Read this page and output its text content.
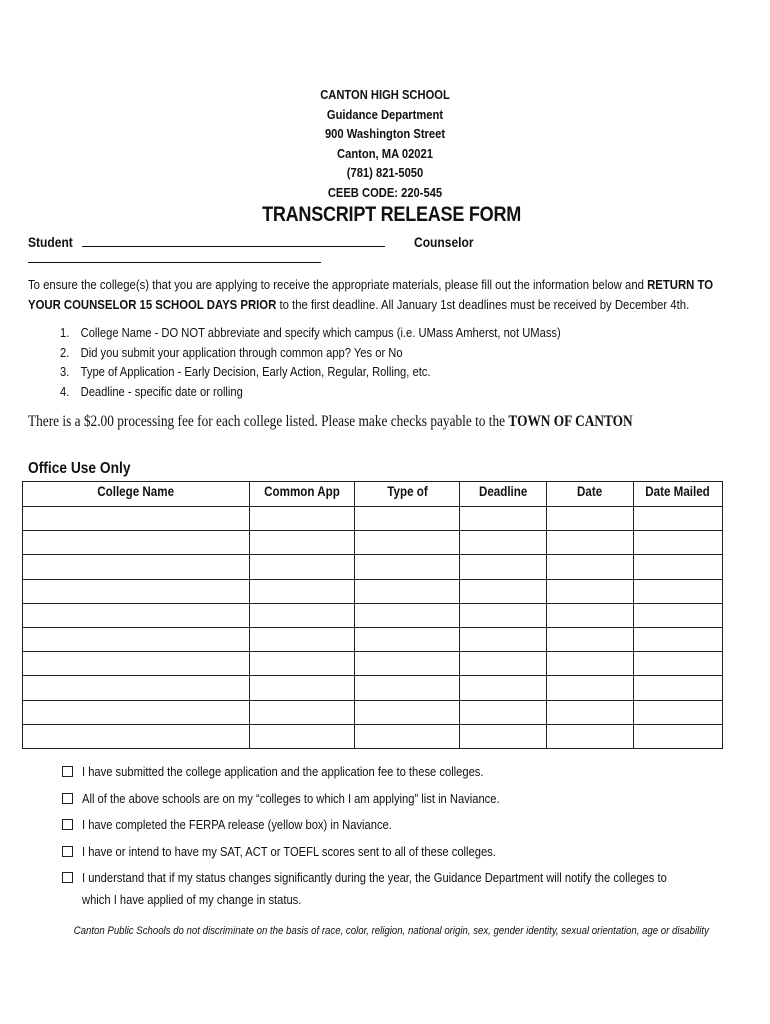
CANTON HIGH SCHOOL
Guidance Department
900 Washington Street
Canton, MA 02021
(781) 821-5050
CEEB CODE: 220-545
TRANSCRIPT RELEASE FORM
Student	Counselor
To ensure the college(s) that you are applying to receive the appropriate materials, please fill out the information below and RETURN TO YOUR COUNSELOR 15 SCHOOL DAYS PRIOR to the first deadline. All January 1st deadlines must be received by December 4th.
1. College Name - DO NOT abbreviate and specify which campus (i.e. UMass Amherst, not UMass)
2. Did you submit your application through common app? Yes or No
3. Type of Application - Early Decision, Early Action, Regular, Rolling, etc.
4. Deadline - specific date or rolling
There is a $2.00 processing fee for each college listed. Please make checks payable to the TOWN OF CANTON
Office Use Only
College Name	Common App	Type of	Deadline	Date	Date Mailed

I have submitted the college application and the application fee to these colleges.
All of the above schools are on my “colleges to which I am applying” list in Naviance.
I have completed the FERPA release (yellow box) in Naviance.
I have or intend to have my SAT, ACT or TOEFL scores sent to all of these colleges.
I understand that if my status changes significantly during the year, the Guidance Department will notify the colleges to which I have applied of my change in status.
Canton Public Schools do not discriminate on the basis of race, color, religion, national origin, sex, gender identity, sexual orientation, age or disability
